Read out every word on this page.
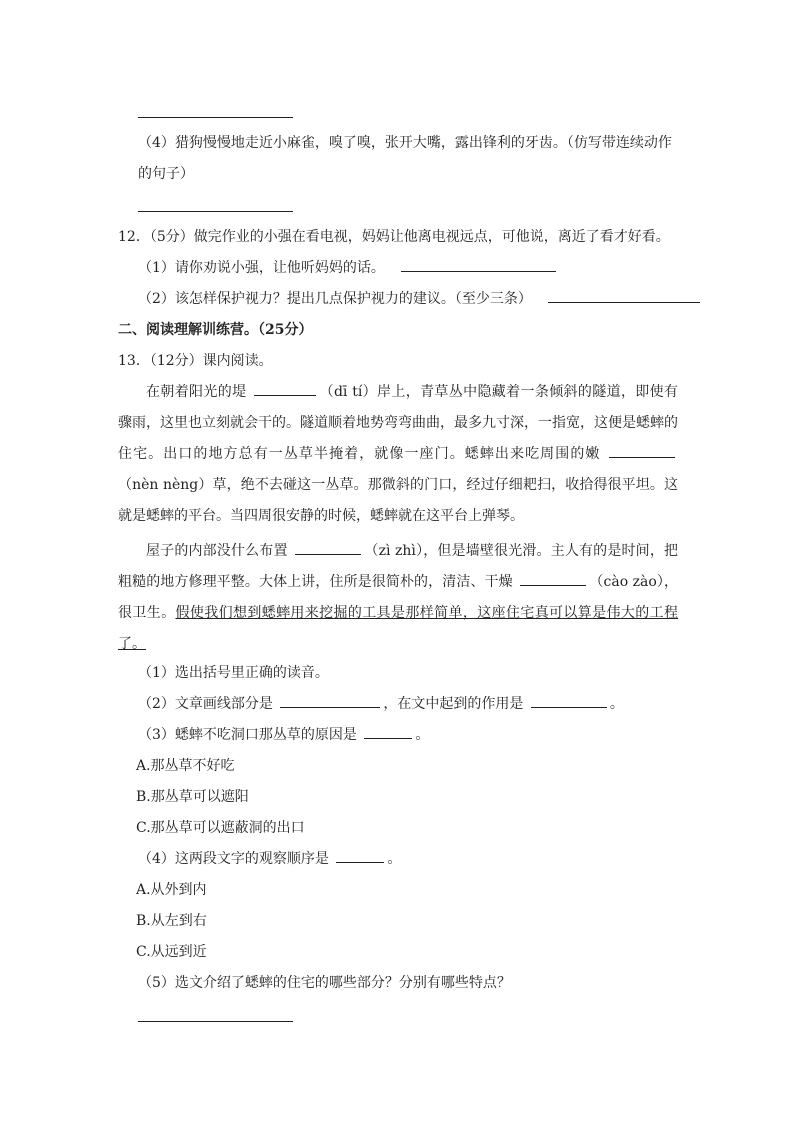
（4）猎狗慢慢地走近小麻雀，嗅了嗅，张开大嘴，露出锋利的牙齿。（仿写带连续动作
的句子）
12．（5分）做完作业的小强在看电视，妈妈让他离电视远点，可他说，离近了看才好看。
（1）请你劝说小强，让他听妈妈的话。
（2）该怎样保护视力？提出几点保护视力的建议。（至少三条）
二、阅读理解训练营。（25分）
13．（12分）课内阅读。
在朝着阳光的堤	（dī tí）岸上，青草丛中隐藏着一条倾斜的隧道，即使有骤雨，这里也立刻就会干的。隧道顺着地势弯弯曲曲，最多九寸深，一指宽，这便是蟋蟀的住宅。出口的地方总有一丛草半掩着，就像一座门。蟋蟀出来吃周围的嫩 （nèn nèng）草，绝不去碰这一丛草。那微斜的门口，经过仔细耙扫，收拾得很平坦。这就是蟋蟀的平台。当四周很安静的时候，蟋蟀就在这平台上弹琴。
屋子的内部没什么布置	（zì zhì），但是墙壁很光滑。主人有的是时间，把粗糙的地方修理平整。大体上讲，住所是很简朴的，清洁、干燥	（cào zào），很卫生。假使我们想到蟋蟀用来挖掘的工具是那样简单，这座住宅真可以算是伟大的工程了。
（1）选出括号里正确的读音。
（2）文章画线部分是	，在文中起到的作用是	。
（3）蟋蟀不吃洞口那丛草的原因是	。
A.那丛草不好吃
B.那丛草可以遮阳
C.那丛草可以遮蔽洞的出口
（4）这两段文字的观察顺序是	。
A.从外到内
B.从左到右
C.从远到近
（5）选文介绍了蟋蟀的住宅的哪些部分？分别有哪些特点？
